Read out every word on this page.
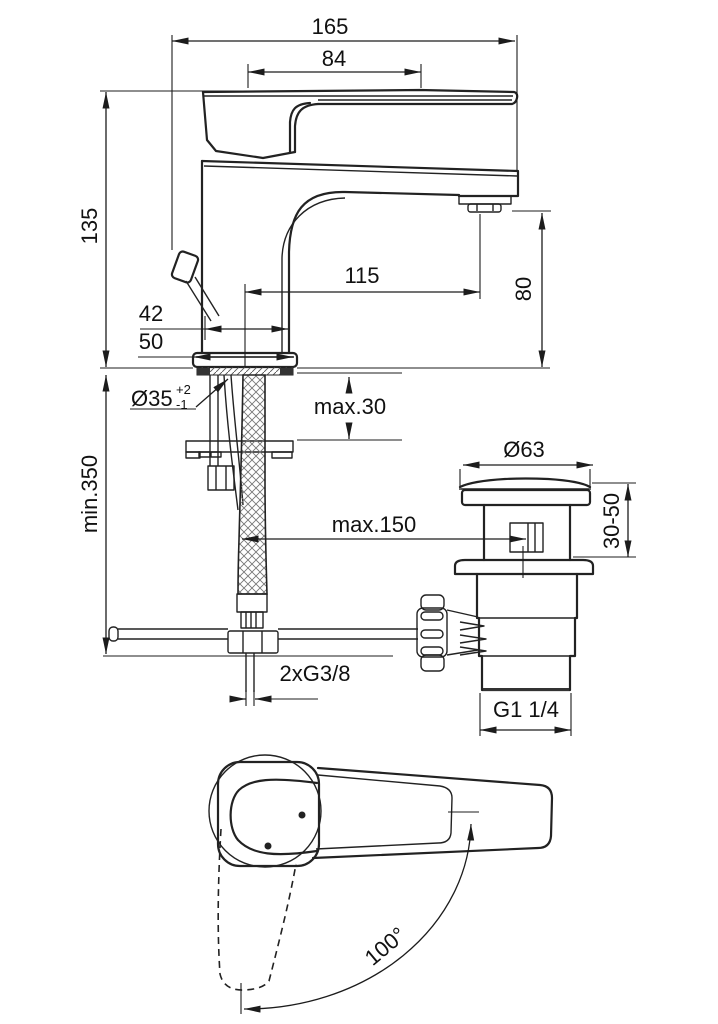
165
84
135
min.350
42
50
115
80
Ø35 +2
-1	max.30
max.150
Ø63
30-50
2xG3/8
G1 1/4
100°
